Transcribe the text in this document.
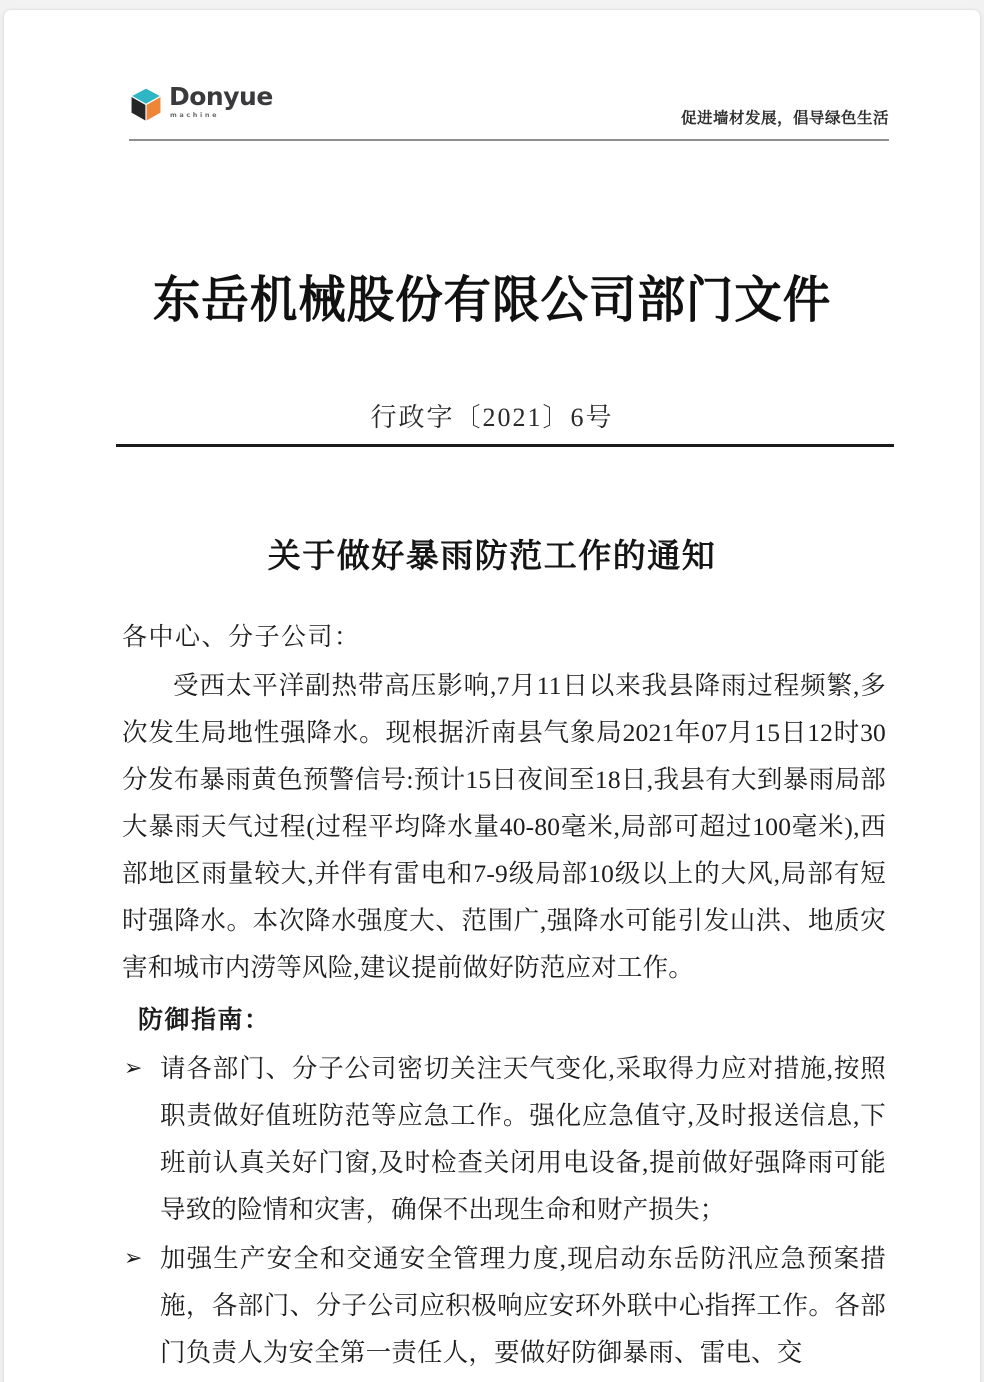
Donyue
machine	促进墙材发展，倡导绿色生活
东岳机械股份有限公司部门文件
行政字〔2021〕6号
关于做好暴雨防范工作的通知
各中心、分子公司：
受西太平洋副热带高压影响,7月11日以来我县降雨过程频繁,多次发生局地性强降水。现根据沂南县气象局2021年07月15日12时30分发布暴雨黄色预警信号:预计15日夜间至18日,我县有大到暴雨局部大暴雨天气过程(过程平均降水量40-80毫米,局部可超过100毫米),西部地区雨量较大,并伴有雷电和7-9级局部10级以上的大风,局部有短时强降水。本次降水强度大、范围广,强降水可能引发山洪、地质灾害和城市内涝等风险,建议提前做好防范应对工作。
防御指南：
➢ 请各部门、分子公司密切关注天气变化,采取得力应对措施,按照职责做好值班防范等应急工作。强化应急值守,及时报送信息,下班前认真关好门窗,及时检查关闭用电设备,提前做好强降雨可能导致的险情和灾害，确保不出现生命和财产损失；
➢ 加强生产安全和交通安全管理力度,现启动东岳防汛应急预案措施，各部门、分子公司应积极响应安环外联中心指挥工作。各部门负责人为安全第一责任人，要做好防御暴雨、雷电、交
